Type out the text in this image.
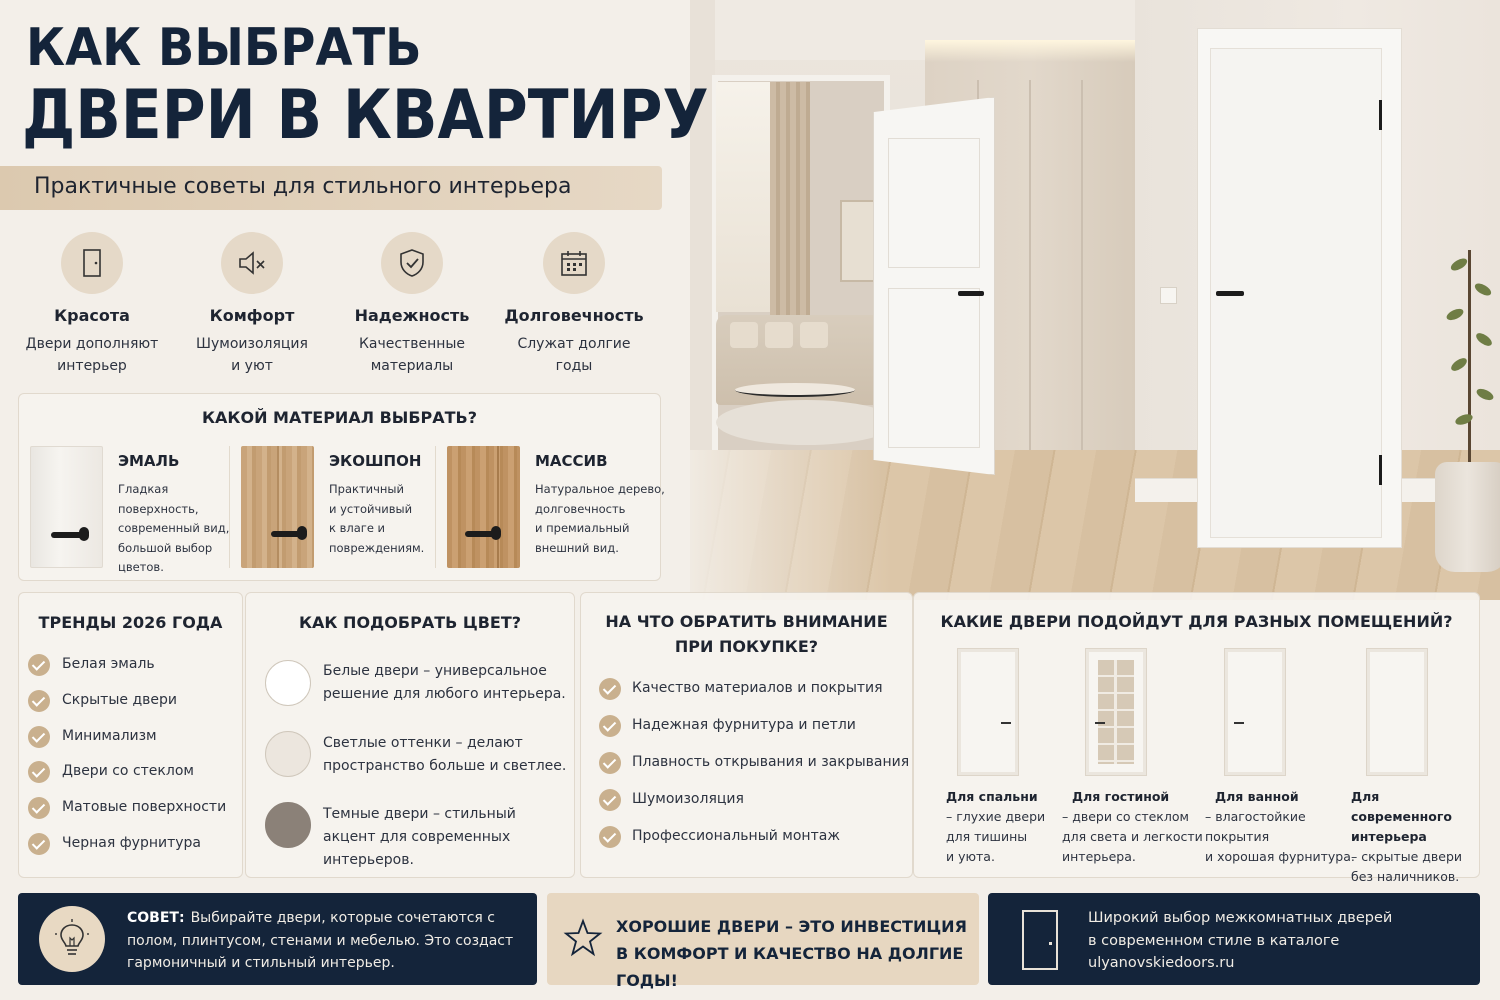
КАК ВЫБРАТЬ
ДВЕРИ В КВАРТИРУ
Практичные советы для стильного интерьера
Красота
Двери дополняют
интерьер
Комфорт
Шумоизоляция
и уют
Надежность
Качественные
материалы
Долговечность
Служат долгие
годы
КАКОЙ МАТЕРИАЛ ВЫБРАТЬ?
ЭМАЛЬ
Гладкая поверхность,
современный вид,
большой выбор
цветов.
ЭКОШПОН
Практичный
и устойчивый
к влаге и
повреждениям.
МАССИВ
Натуральное дерево,
долговечность
и премиальный
внешний вид.
ТРЕНДЫ 2026 ГОДА
Белая эмаль
Скрытые двери
Минимализм
Двери со стеклом
Матовые поверхности
Черная фурнитура
КАК ПОДОБРАТЬ ЦВЕТ?
Белые двери – универсальное решение для любого интерьера.
Светлые оттенки – делают пространство больше и светлее.
Темные двери – стильный акцент для современных интерьеров.
НА ЧТО ОБРАТИТЬ ВНИМАНИЕ
ПРИ ПОКУПКЕ?
Качество материалов и покрытия
Надежная фурнитура и петли
Плавность открывания и закрывания
Шумоизоляция
Профессиональный монтаж
КАКИЕ ДВЕРИ ПОДОЙДУТ ДЛЯ РАЗНЫХ ПОМЕЩЕНИЙ?
Для спальни
– глухие двери
для тишины
и уюта.
Для гостиной
– двери со стеклом
для света и легкости
интерьера.
Для ванной
– влагостойкие
покрытия
и хорошая фурнитура.
Для современного интерьера
– скрытые двери
без наличников.
СОВЕТ: Выбирайте двери, которые сочетаются с полом, плинтусом, стенами и мебелью. Это создаст гармоничный и стильный интерьер.
ХОРОШИЕ ДВЕРИ – ЭТО ИНВЕСТИЦИЯ
В КОМФОРТ И КАЧЕСТВО НА ДОЛГИЕ ГОДЫ!
Широкий выбор межкомнатных дверей
в современном стиле в каталоге
ulyanovskiedoors.ru
